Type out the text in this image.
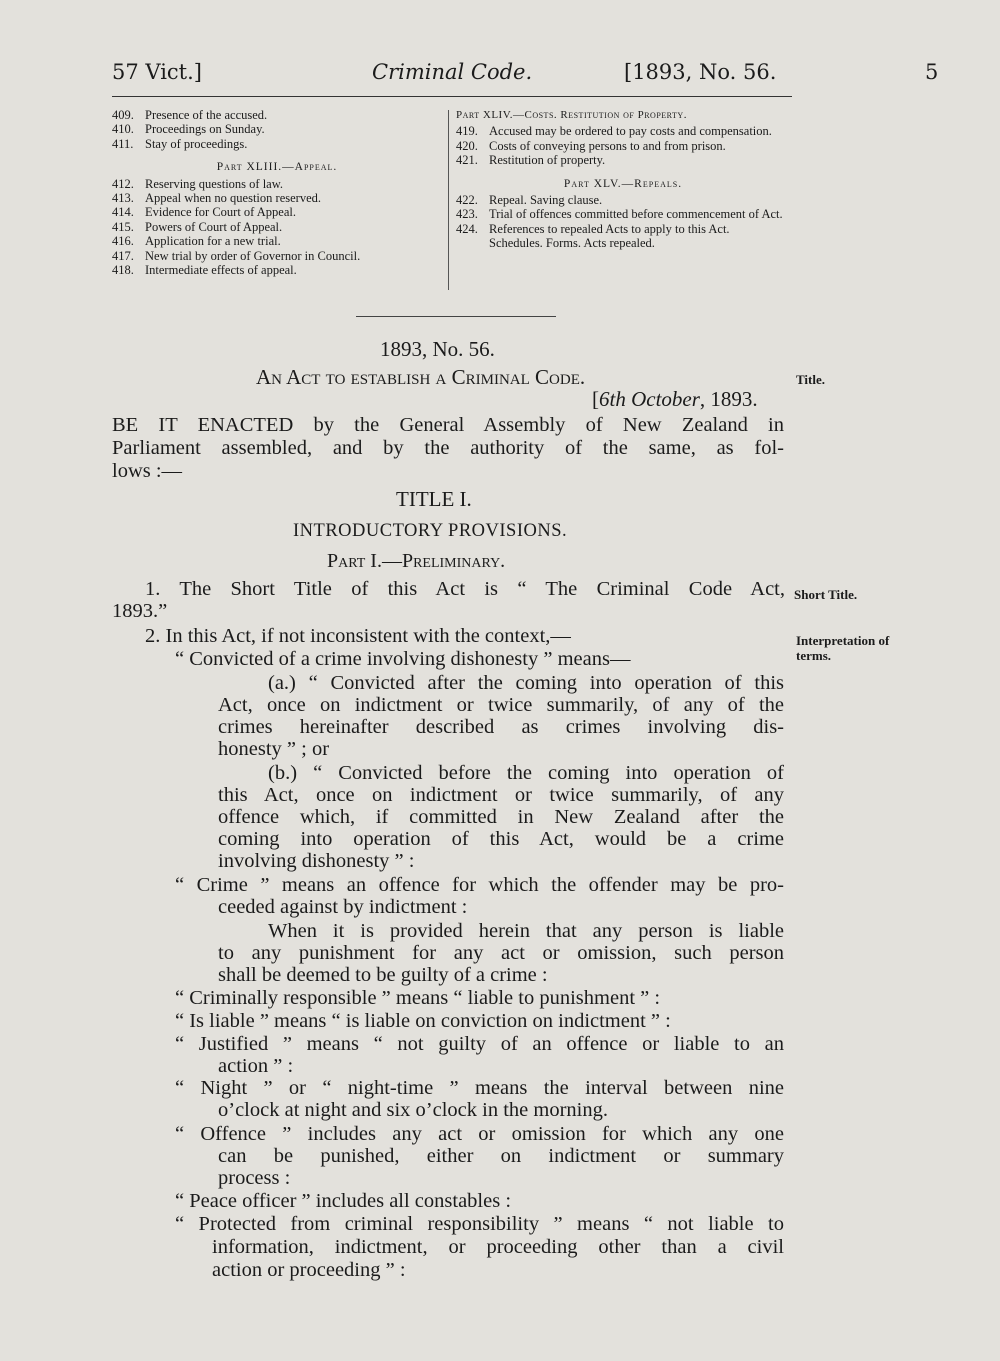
57 Vict.]	Criminal Code.	[1893, No. 56.	5
409. Presence of the accused.
410. Proceedings on Sunday.
411. Stay of proceedings.
Part XLIII.—Appeal.
412. Reserving questions of law.
413. Appeal when no question reserved.
414. Evidence for Court of Appeal.
415. Powers of Court of Appeal.
416. Application for a new trial.
417. New trial by order of Governor in Council.
418. Intermediate effects of appeal.
Part XLIV.—Costs. Restitution of Property.
419. Accused may be ordered to pay costs and compensation.
420. Costs of conveying persons to and from prison.
421. Restitution of property.
Part XLV.—Repeals.
422. Repeal. Saving clause.
423. Trial of offences committed before commencement of Act.
424. References to repealed Acts to apply to this Act.
Schedules. Forms. Acts repealed.
1893, No. 56.
An Act to establish a Criminal Code.
[6th October, 1893.
BE IT ENACTED by the General Assembly of New Zealand in
Parliament assembled, and by the authority of the same, as fol-
lows :—
TITLE I.
INTRODUCTORY PROVISIONS.
Part I.—Preliminary.
1. The Short Title of this Act is “ The Criminal Code Act,
1893.”
2. In this Act, if not inconsistent with the context,—
“ Convicted of a crime involving dishonesty ” means—
(a.) “ Convicted after the coming into operation of this
Act, once on indictment or twice summarily, of any of the
crimes hereinafter described as crimes involving dis-
honesty ” ; or
(b.) “ Convicted before the coming into operation of
this Act, once on indictment or twice summarily, of any
offence which, if committed in New Zealand after the
coming into operation of this Act, would be a crime
involving dishonesty ” :
“ Crime ” means an offence for which the offender may be pro-
ceeded against by indictment :
When it is provided herein that any person is liable
to any punishment for any act or omission, such person
shall be deemed to be guilty of a crime :
“ Criminally responsible ” means “ liable to punishment ” :
“ Is liable ” means “ is liable on conviction on indictment ” :
“ Justified ” means “ not guilty of an offence or liable to an
action ” :
“ Night ” or “ night-time ” means the interval between nine
o’clock at night and six o’clock in the morning.
“ Offence ” includes any act or omission for which any one
can be punished, either on indictment or summary
process :
“ Peace officer ” includes all constables :
“ Protected from criminal responsibility ” means “ not liable to
information, indictment, or proceeding other than a civil
action or proceeding ” :
Title.
Short Title.
Interpretation of
terms.
